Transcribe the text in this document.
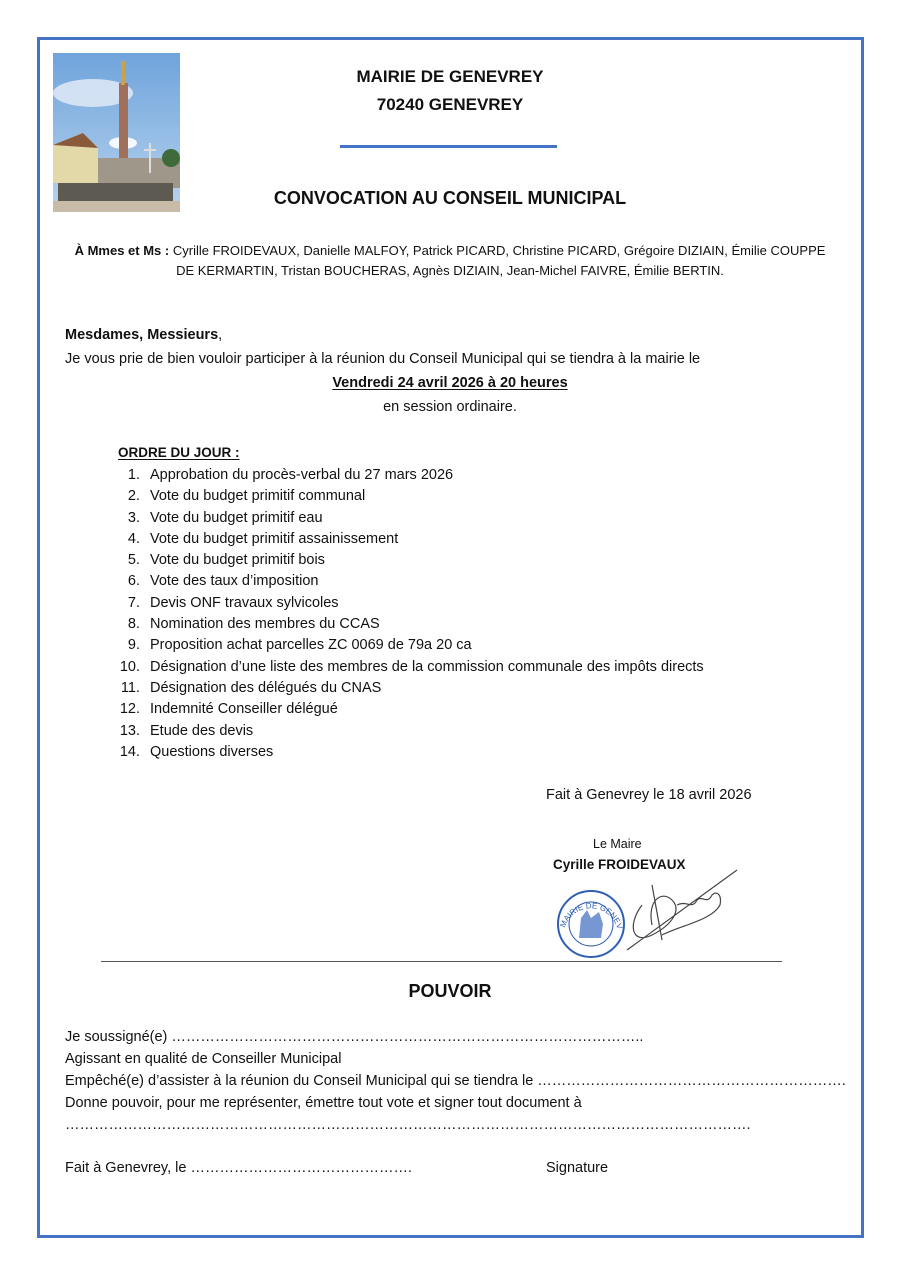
MAIRIE DE GENEVREY
70240 GENEVREY
CONVOCATION AU CONSEIL MUNICIPAL
À Mmes et Ms : Cyrille FROIDEVAUX, Danielle MALFOY, Patrick PICARD, Christine PICARD, Grégoire DIZIAIN, Émilie COUPPE
DE KERMARTIN, Tristan BOUCHERAS, Agnès DIZIAIN, Jean-Michel FAIVRE, Émilie BERTIN.
Mesdames, Messieurs,
Je vous prie de bien vouloir participer à la réunion du Conseil Municipal qui se tiendra à la mairie le
Vendredi 24 avril 2026 à 20 heures
en session ordinaire.
ORDRE DU JOUR :
1. Approbation du procès-verbal du 27 mars 2026
2. Vote du budget primitif communal
3. Vote du budget primitif eau
4. Vote du budget primitif assainissement
5. Vote du budget primitif bois
6. Vote des taux d’imposition
7. Devis ONF travaux sylvicoles
8. Nomination des membres du CCAS
9. Proposition achat parcelles ZC 0069 de 79a 20 ca
10. Désignation d’une liste des membres de la commission communale des impôts directs
11. Désignation des délégués du CNAS
12. Indemnité Conseiller délégué
13. Etude des devis
14. Questions diverses
Fait à Genevrey le 18 avril 2026
Le Maire
Cyrille FROIDEVAUX
MAIRIE DE GENEV
POUVOIR
Je soussigné(e) ……………………………………………………………………………………..
Agissant en qualité de Conseiller Municipal
Empêché(e) d’assister à la réunion du Conseil Municipal qui se tiendra le ……………………………………………………….
Donne pouvoir, pour me représenter, émettre tout vote et signer tout document à
…………………………………………………………………………………………………………………………….
Fait à Genevrey, le ……………………………………….	Signature
